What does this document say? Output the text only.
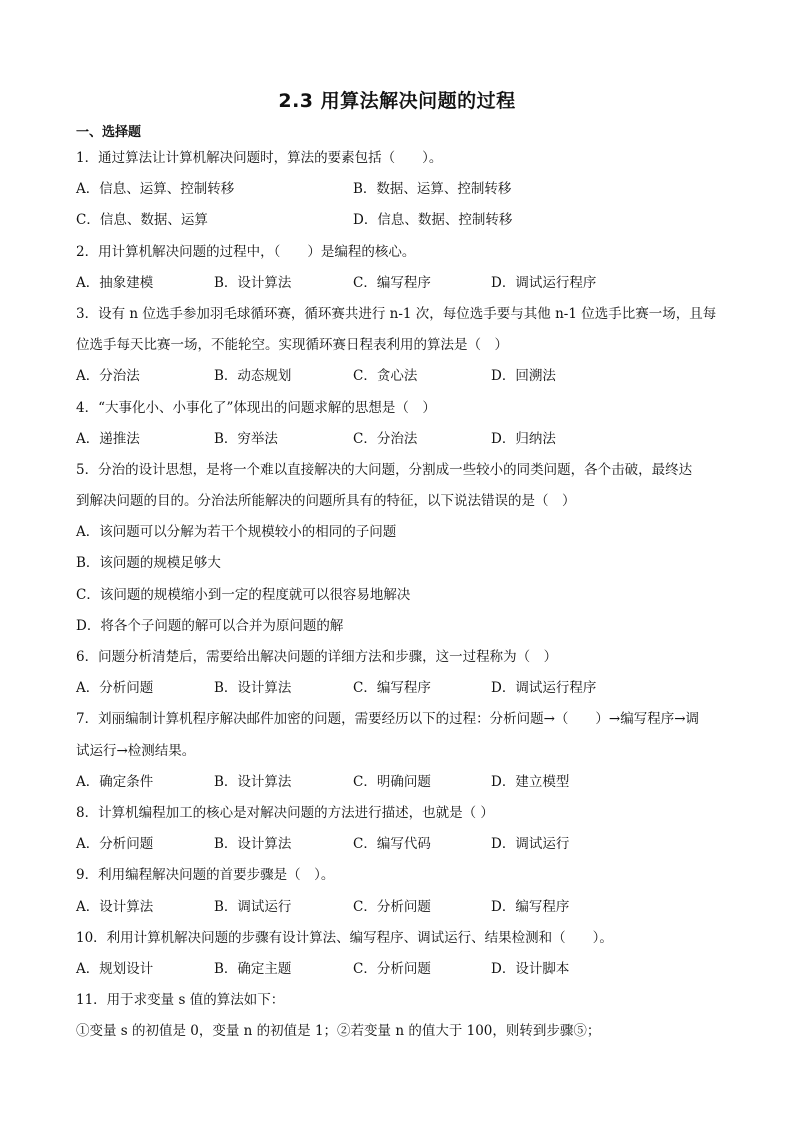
2.3 用算法解决问题的过程
一、选择题
1．通过算法让计算机解决问题时，算法的要素包括（　　）。
A．信息、运算、控制转移	B．数据、运算、控制转移
C．信息、数据、运算	D．信息、数据、控制转移
2．用计算机解决问题的过程中，（　　）是编程的核心。
A．抽象建模	B．设计算法	C．编写程序	D．调试运行程序
3．设有 n 位选手参加羽毛球循环赛，循环赛共进行 n-1 次，每位选手要与其他 n-1 位选手比赛一场，且每
位选手每天比赛一场，不能轮空。实现循环赛日程表利用的算法是（　）
A．分治法	B．动态规划	C．贪心法	D．回溯法
4．“大事化小、小事化了”体现出的问题求解的思想是（　）
A．递推法	B．穷举法	C．分治法	D．归纳法
5．分治的设计思想，是将一个难以直接解决的大问题，分割成一些较小的同类问题，各个击破，最终达
到解决问题的目的。分治法所能解决的问题所具有的特征，以下说法错误的是（　）
A．该问题可以分解为若干个规模较小的相同的子问题
B．该问题的规模足够大
C．该问题的规模缩小到一定的程度就可以很容易地解决
D．将各个子问题的解可以合并为原问题的解
6．问题分析清楚后，需要给出解决问题的详细方法和步骤，这一过程称为（　）
A．分析问题	B．设计算法	C．编写程序	D．调试运行程序
7．刘丽编制计算机程序解决邮件加密的问题，需要经历以下的过程：分析问题→（　　）→编写程序→调
试运行→检测结果。
A．确定条件	B．设计算法	C．明确问题	D．建立模型
8．计算机编程加工的核心是对解决问题的方法进行描述，也就是（ ）
A．分析问题	B．设计算法	C．编写代码	D．调试运行
9．利用编程解决问题的首要步骤是（　）。
A．设计算法	B．调试运行	C．分析问题	D．编写程序
10．利用计算机解决问题的步骤有设计算法、编写程序、调试运行、结果检测和（　　）。
A．规划设计	B．确定主题	C．分析问题	D．设计脚本
11．用于求变量 s 值的算法如下：
①变量 s 的初值是 0，变量 n 的初值是 1；②若变量 n 的值大于 100，则转到步骤⑤；
